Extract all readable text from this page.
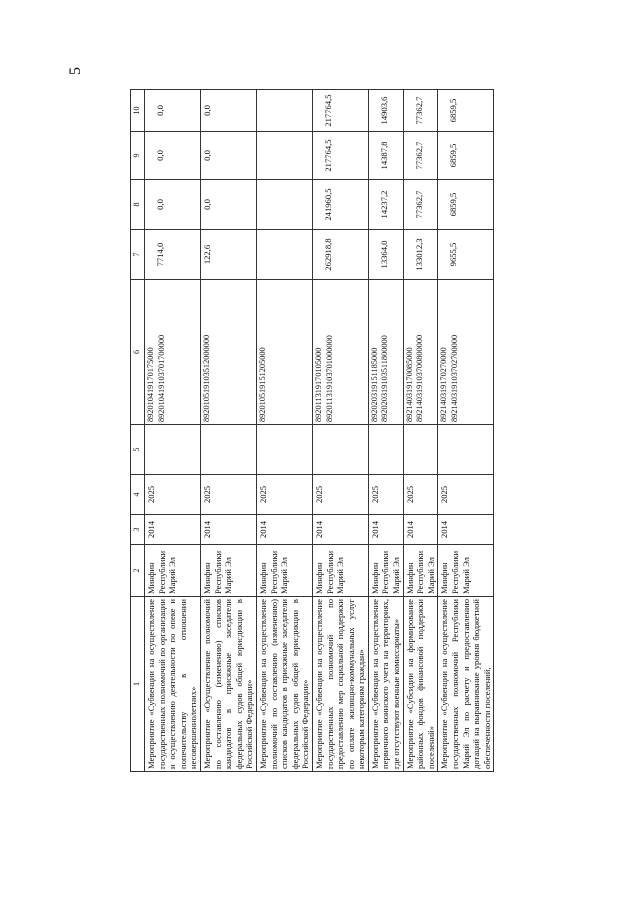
5
1	2	3	4	5	6	7	8	9	10
Мероприятие «Субвенции на осуществление государственных полномочий по организации и осуществлению деятельности по опеке и попечительству в отношении несовершеннолетних»	Минфин Республики Марий Эл	2014	2025		892010419170175000 892010419103701700000	7714,0	0,0	0,0	0,0

Мероприятие «Осуществление полномочий по составлению (изменению) списков кандидатов в присяжные заседатели федеральных судов общей юрисдикции в Российской Федерации»	Минфин Республики Марий Эл	2014	2025		892010519103512000000	122,6	0,0	0,0	0,0

Мероприятие «Субвенции на осуществление полномочий по составлению (изменению) списков кандидатов в присяжные заседатели федеральных судов общей юрисдикции в Российской Федерации»	Минфин Республики Марий Эл	2014	2025		892010519151205000				

Мероприятие «Субвенции на осуществление государственных полномочий по предоставлению мер социальной поддержки по оплате жилищно-коммунальных услуг некоторым категориям граждан»	Минфин Республики Марий Эл	2014	2025		892011319170105000 892011319103701000000	262918,8	241960,5	217764,5	217764,5

Мероприятие «Субвенции на осуществление первичного воинского учета на территориях, где отсутствуют военные комиссариаты»	Минфин Республики Марий Эл	2014	2025		892020319151185000 892020319103511800000	13364,0	14237,2	14387,8	14903,6

Мероприятие «Субсидии на формирование районных фондов финансовой поддержки поселений»	Минфин Республики Марий Эл	2014	2025		892140319170085000 892140319103700800000	133012,3	77362,7	77362,7	77362,7

Мероприятие «Субвенции на осуществление государственных полномочий Республики Марий Эл по расчету и предоставлению дотаций на выравнивание уровня бюджетной обеспеченности поселений,	Минфин Республики Марий Эл	2014	2025		892140319170270000 892140319103702700000	9655,5	6859,5	6859,5	6859,5
